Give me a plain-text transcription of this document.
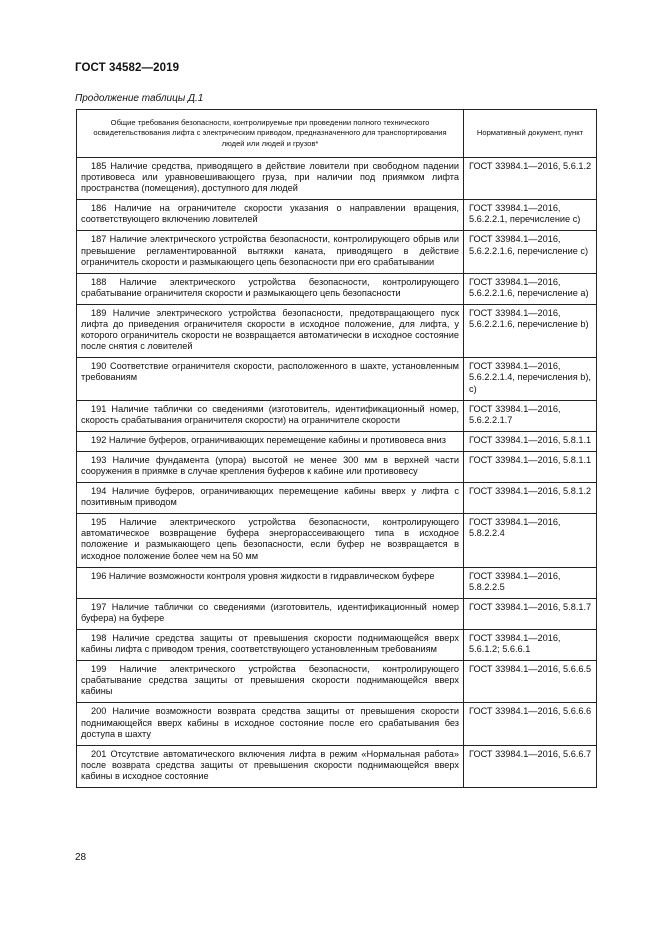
ГОСТ 34582—2019
Продолжение таблицы Д.1
Общие требования безопасности, контролируемые при проведении полного технического освидетельствования лифта с электрическим приводом, предназначенного для транспортирования людей или людей и грузов*	Нормативный документ, пункт
185 Наличие средства, приводящего в действие ловители при свободном падении противовеса или уравновешивающего груза, при наличии под приямком лифта пространства (помещения), доступного для людей	ГОСТ 33984.1—2016, 5.6.1.2
186 Наличие на ограничителе скорости указания о направлении вращения, соответствующего включению ловителей	ГОСТ 33984.1—2016, 5.6.2.2.1, перечисление c)
187 Наличие электрического устройства безопасности, контролирующего обрыв или превышение регламентированной вытяжки каната, приводящего в действие ограничитель скорости и размыкающего цепь безопасности при его срабатывании	ГОСТ 33984.1—2016, 5.6.2.2.1.6, перечисление c)
188 Наличие электрического устройства безопасности, контролирующего срабатывание ограничителя скорости и размыкающего цепь безопасности	ГОСТ 33984.1—2016, 5.6.2.2.1.6, перечисление a)
189 Наличие электрического устройства безопасности, предотвращающего пуск лифта до приведения ограничителя скорости в исходное положение, для лифта, у которого ограничитель скорости не возвращается автоматически в исходное состояние после снятия с ловителей	ГОСТ 33984.1—2016, 5.6.2.2.1.6, перечисление b)
190 Соответствие ограничителя скорости, расположенного в шахте, установленным требованиям	ГОСТ 33984.1—2016, 5.6.2.2.1.4, перечисления b), c)
191 Наличие таблички со сведениями (изготовитель, идентификационный номер, скорость срабатывания ограничителя скорости) на ограничителе скорости	ГОСТ 33984.1—2016, 5.6.2.2.1.7
192 Наличие буферов, ограничивающих перемещение кабины и противовеса вниз	ГОСТ 33984.1—2016, 5.8.1.1
193 Наличие фундамента (упора) высотой не менее 300 мм в верхней части сооружения в приямке в случае крепления буферов к кабине или противовесу	ГОСТ 33984.1—2016, 5.8.1.1
194 Наличие буферов, ограничивающих перемещение кабины вверх у лифта с позитивным приводом	ГОСТ 33984.1—2016, 5.8.1.2
195 Наличие электрического устройства безопасности, контролирующего автоматическое возвращение буфера энергорассеивающего типа в исходное положение и размыкающего цепь безопасности, если буфер не возвращается в исходное положение более чем на 50 мм	ГОСТ 33984.1—2016, 5.8.2.2.4
196 Наличие возможности контроля уровня жидкости в гидравлическом буфере	ГОСТ 33984.1—2016, 5.8.2.2.5
197 Наличие таблички со сведениями (изготовитель, идентификационный номер буфера) на буфере	ГОСТ 33984.1—2016, 5.8.1.7
198 Наличие средства защиты от превышения скорости поднимающейся вверх кабины лифта с приводом трения, соответствующего установленным требованиям	ГОСТ 33984.1—2016, 5.6.1.2; 5.6.6.1
199 Наличие электрического устройства безопасности, контролирующего срабатывание средства защиты от превышения скорости поднимающейся вверх кабины	ГОСТ 33984.1—2016, 5.6.6.5
200 Наличие возможности возврата средства защиты от превышения скорости поднимающейся вверх кабины в исходное состояние после его срабатывания без доступа в шахту	ГОСТ 33984.1—2016, 5.6.6.6
201 Отсутствие автоматического включения лифта в режим «Нормальная работа» после возврата средства защиты от превышения скорости поднимающейся вверх кабины в исходное состояние	ГОСТ 33984.1—2016, 5.6.6.7
28
